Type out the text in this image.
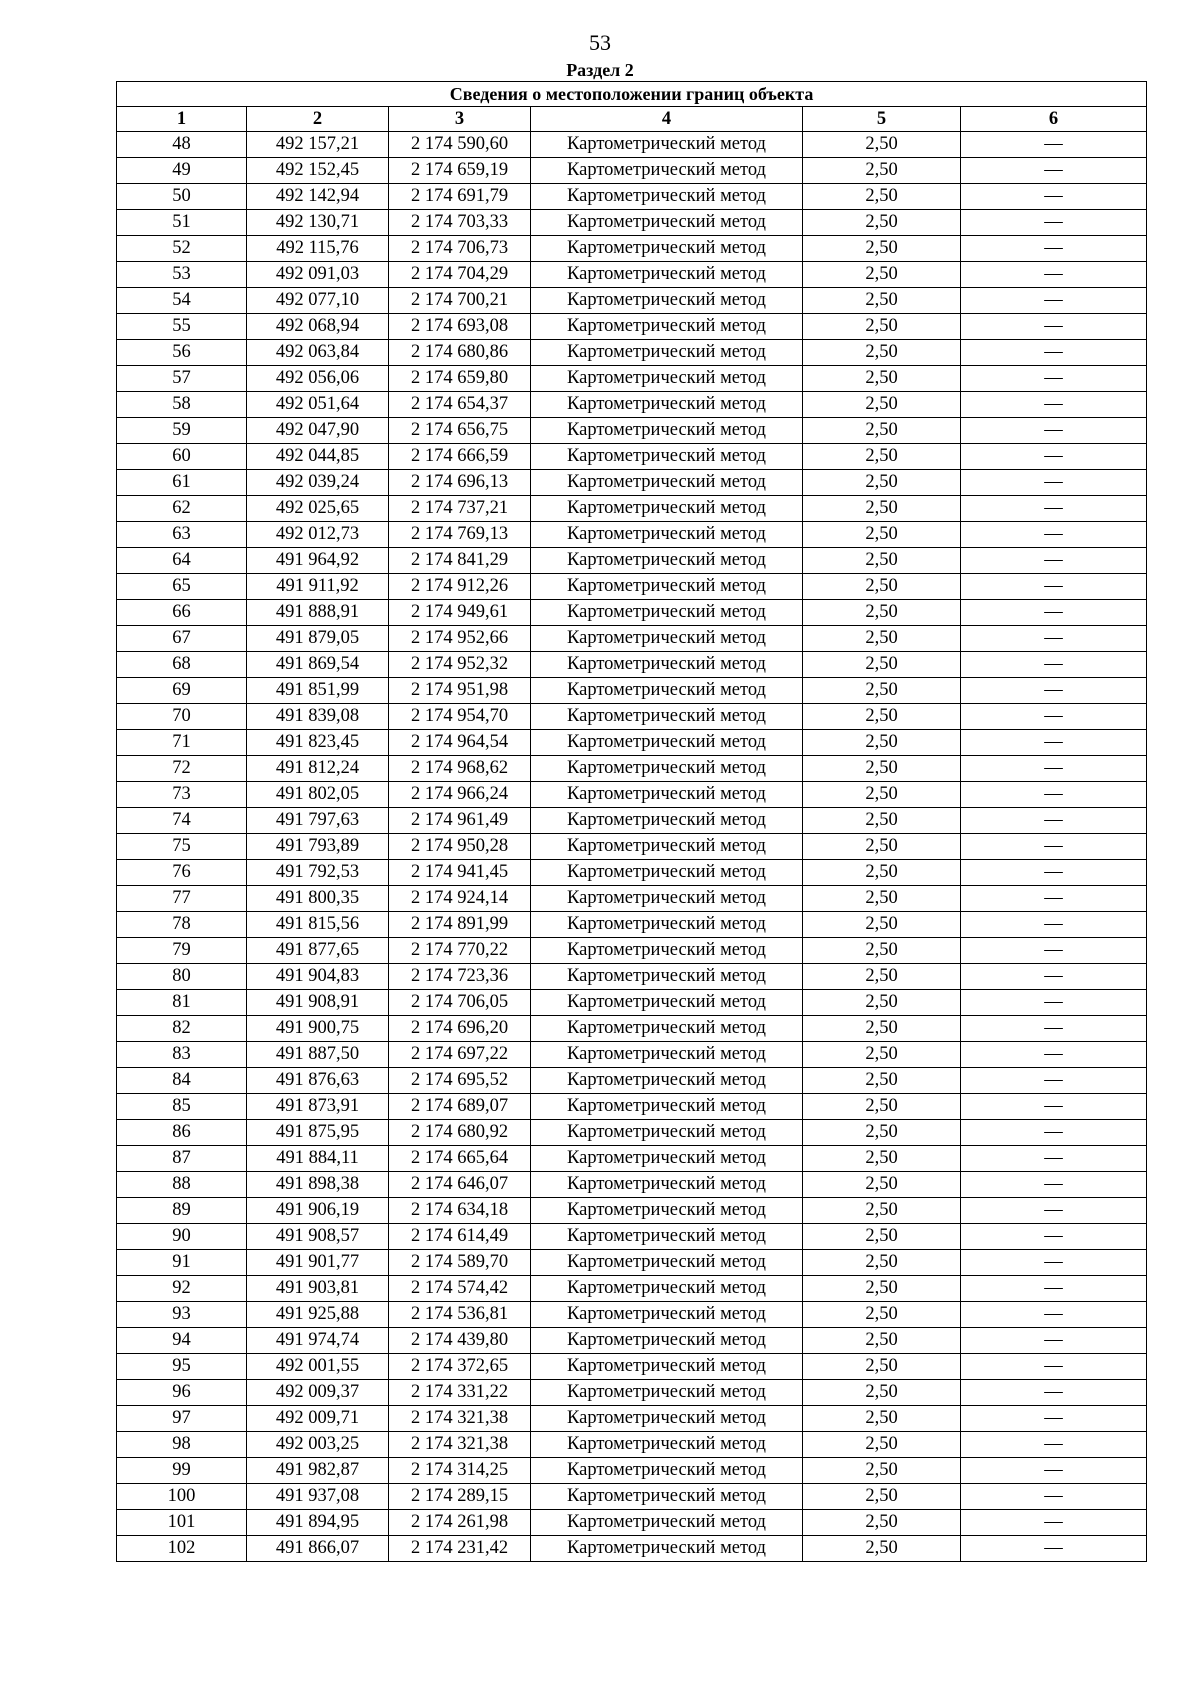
53
Раздел 2
Сведения о местоположении границ объекта					
1	2	3	4	5	6
48	492 157,21	2 174 590,60	Картометрический метод	2,50	—
49	492 152,45	2 174 659,19	Картометрический метод	2,50	—
50	492 142,94	2 174 691,79	Картометрический метод	2,50	—
51	492 130,71	2 174 703,33	Картометрический метод	2,50	—
52	492 115,76	2 174 706,73	Картометрический метод	2,50	—
53	492 091,03	2 174 704,29	Картометрический метод	2,50	—
54	492 077,10	2 174 700,21	Картометрический метод	2,50	—
55	492 068,94	2 174 693,08	Картометрический метод	2,50	—
56	492 063,84	2 174 680,86	Картометрический метод	2,50	—
57	492 056,06	2 174 659,80	Картометрический метод	2,50	—
58	492 051,64	2 174 654,37	Картометрический метод	2,50	—
59	492 047,90	2 174 656,75	Картометрический метод	2,50	—
60	492 044,85	2 174 666,59	Картометрический метод	2,50	—
61	492 039,24	2 174 696,13	Картометрический метод	2,50	—
62	492 025,65	2 174 737,21	Картометрический метод	2,50	—
63	492 012,73	2 174 769,13	Картометрический метод	2,50	—
64	491 964,92	2 174 841,29	Картометрический метод	2,50	—
65	491 911,92	2 174 912,26	Картометрический метод	2,50	—
66	491 888,91	2 174 949,61	Картометрический метод	2,50	—
67	491 879,05	2 174 952,66	Картометрический метод	2,50	—
68	491 869,54	2 174 952,32	Картометрический метод	2,50	—
69	491 851,99	2 174 951,98	Картометрический метод	2,50	—
70	491 839,08	2 174 954,70	Картометрический метод	2,50	—
71	491 823,45	2 174 964,54	Картометрический метод	2,50	—
72	491 812,24	2 174 968,62	Картометрический метод	2,50	—
73	491 802,05	2 174 966,24	Картометрический метод	2,50	—
74	491 797,63	2 174 961,49	Картометрический метод	2,50	—
75	491 793,89	2 174 950,28	Картометрический метод	2,50	—
76	491 792,53	2 174 941,45	Картометрический метод	2,50	—
77	491 800,35	2 174 924,14	Картометрический метод	2,50	—
78	491 815,56	2 174 891,99	Картометрический метод	2,50	—
79	491 877,65	2 174 770,22	Картометрический метод	2,50	—
80	491 904,83	2 174 723,36	Картометрический метод	2,50	—
81	491 908,91	2 174 706,05	Картометрический метод	2,50	—
82	491 900,75	2 174 696,20	Картометрический метод	2,50	—
83	491 887,50	2 174 697,22	Картометрический метод	2,50	—
84	491 876,63	2 174 695,52	Картометрический метод	2,50	—
85	491 873,91	2 174 689,07	Картометрический метод	2,50	—
86	491 875,95	2 174 680,92	Картометрический метод	2,50	—
87	491 884,11	2 174 665,64	Картометрический метод	2,50	—
88	491 898,38	2 174 646,07	Картометрический метод	2,50	—
89	491 906,19	2 174 634,18	Картометрический метод	2,50	—
90	491 908,57	2 174 614,49	Картометрический метод	2,50	—
91	491 901,77	2 174 589,70	Картометрический метод	2,50	—
92	491 903,81	2 174 574,42	Картометрический метод	2,50	—
93	491 925,88	2 174 536,81	Картометрический метод	2,50	—
94	491 974,74	2 174 439,80	Картометрический метод	2,50	—
95	492 001,55	2 174 372,65	Картометрический метод	2,50	—
96	492 009,37	2 174 331,22	Картометрический метод	2,50	—
97	492 009,71	2 174 321,38	Картометрический метод	2,50	—
98	492 003,25	2 174 321,38	Картометрический метод	2,50	—
99	491 982,87	2 174 314,25	Картометрический метод	2,50	—
100	491 937,08	2 174 289,15	Картометрический метод	2,50	—
101	491 894,95	2 174 261,98	Картометрический метод	2,50	—
102	491 866,07	2 174 231,42	Картометрический метод	2,50	—
